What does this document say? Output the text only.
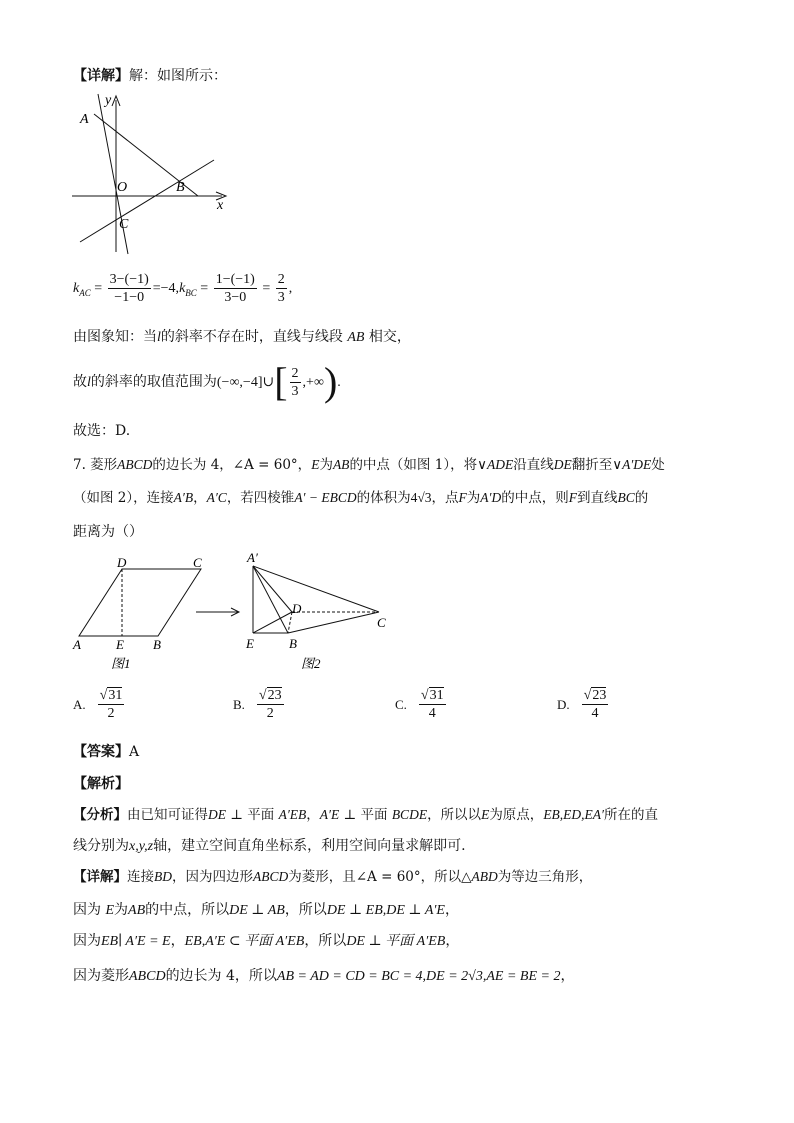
【详解】解：如图所示：
y
x
A
O	B
C
$k_{AC} = \frac{3-(-1)}{-1-0} =-4,k_{BC} = \frac{1-(-1)}{3-0} = \frac{2}{3}$ ,
由图象知：当l的斜率不存在时，直线与线段 AB 相交，
故l的斜率的取值范围为(−∞,−4]∪[ $\frac{2}{3}$ ,+∞).
故选：D.
7. 菱形ABCD的边长为 4，∠A = 60°，E为AB的中点（如图 1），将∨ADE沿直线DE翻折至∨A′DE处
（如图 2），连接A′B，A′C，若四棱锥A′ − EBCD的体积为4√3，点F为A′D的中点，则F到直线BC的
距离为（）
D	C
A	E B
图1
A′
D
C
E	B
图2
A. $\frac{√31}{2}$	B. $\frac{√23}{2}$	C. $\frac{√31}{4}$	D. $\frac{√23}{4}$
【答案】A
【解析】
【分析】由已知可证得DE ⊥ 平面 A′EB，A′E ⊥ 平面 BCDE，所以以E为原点，EB,ED,EA′所在的直
线分别为x,y,z轴，建立空间直角坐标系，利用空间向量求解即可.
【详解】连接BD，因为四边形ABCD为菱形，且∠A = 60°，所以△ABD为等边三角形，
因为 E为AB的中点，所以DE ⊥ AB，所以DE ⊥ EB,DE ⊥ A′E，
因为EB∣ A′E = E，EB,A′E ⊂ 平面 A′EB，所以DE ⊥ 平面 A′EB，
因为菱形ABCD的边长为 4，所以AB = AD = CD = BC = 4,DE = 2√3,AE = BE = 2，
